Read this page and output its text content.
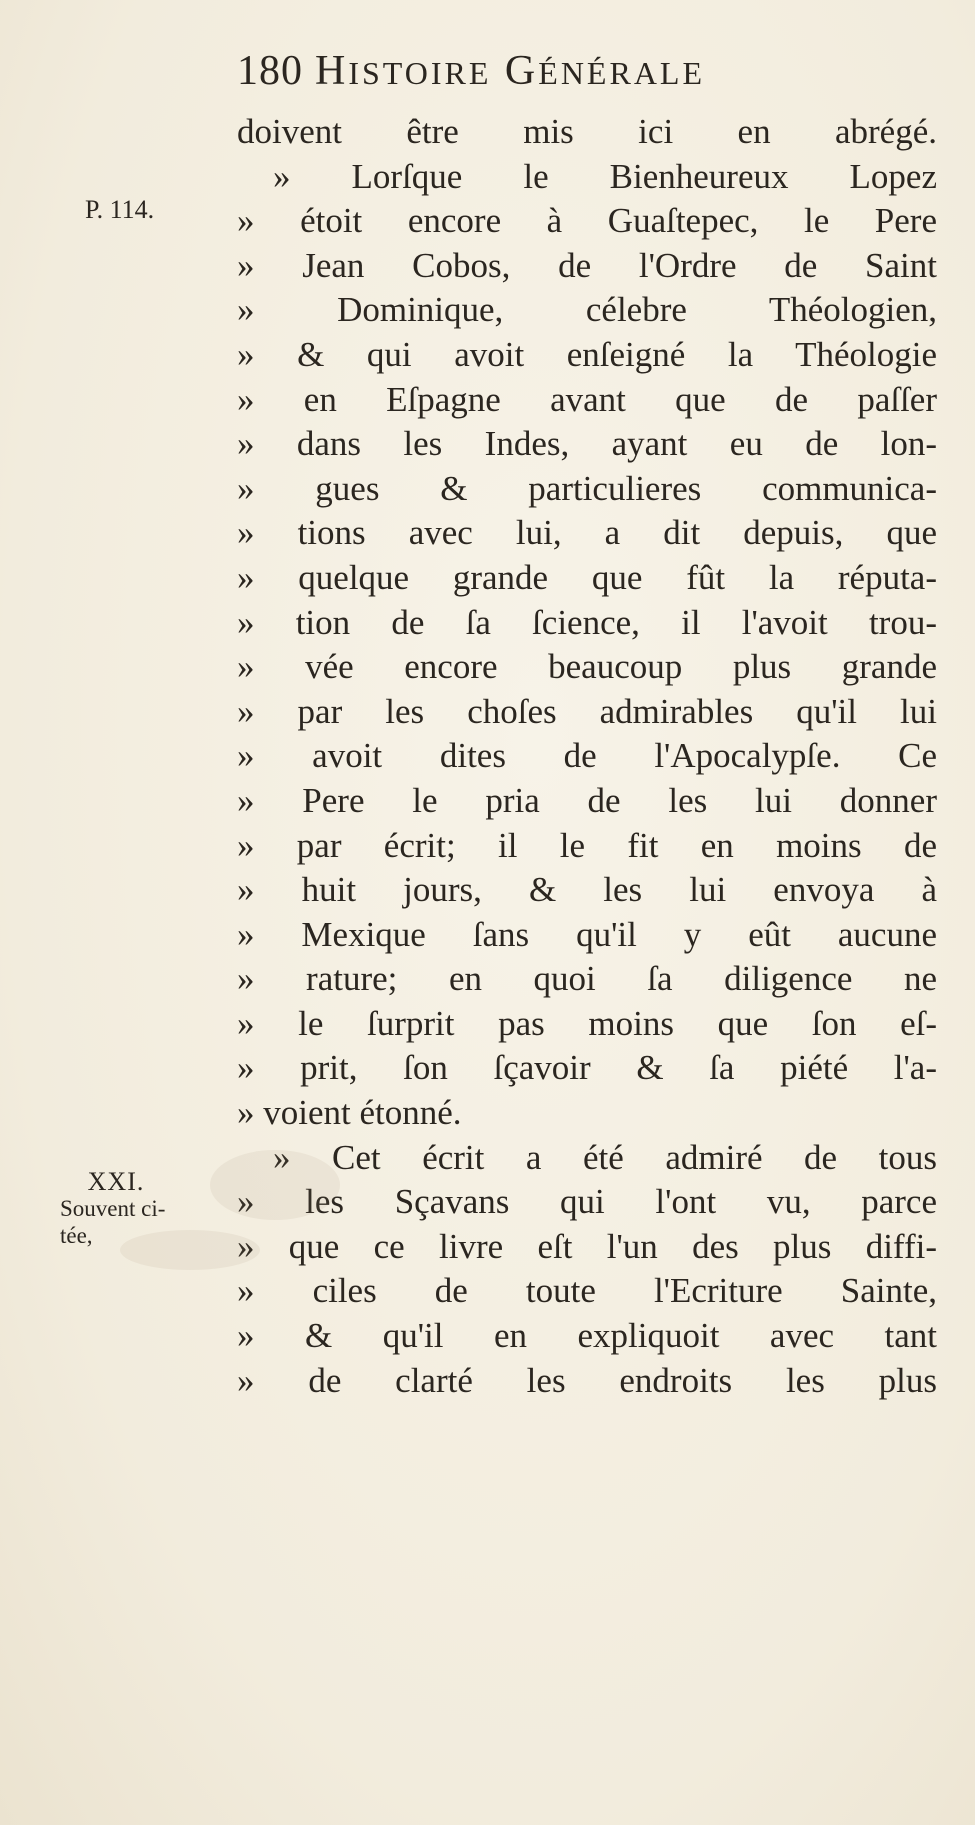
180 HISTOIRE GÉNÉRALE
P. 114.
XXI.
Souvent ci-
tée,
doivent être mis ici en abrégé.
» Lorſque le Bienheureux Lopez
» étoit encore à Guaſtepec, le Pere
» Jean Cobos, de l'Ordre de Saint
» Dominique, célebre Théologien,
» & qui avoit enſeigné la Théologie
» en Eſpagne avant que de paſſer
» dans les Indes, ayant eu de lon-
» gues & particulieres communica-
» tions avec lui, a dit depuis, que
» quelque grande que fût la réputa-
» tion de ſa ſcience, il l'avoit trou-
» vée encore beaucoup plus grande
» par les choſes admirables qu'il lui
» avoit dites de l'Apocalypſe. Ce
» Pere le pria de les lui donner
» par écrit; il le fit en moins de
» huit jours, & les lui envoya à
» Mexique ſans qu'il y eût aucune
» rature; en quoi ſa diligence ne
» le ſurprit pas moins que ſon eſ-
» prit, ſon ſçavoir & ſa piété l'a-
» voient étonné.
» Cet écrit a été admiré de tous
» les Sçavans qui l'ont vu, parce
» que ce livre eſt l'un des plus diffi-
» ciles de toute l'Ecriture Sainte,
» & qu'il en expliquoit avec tant
» de clarté les endroits les plus
